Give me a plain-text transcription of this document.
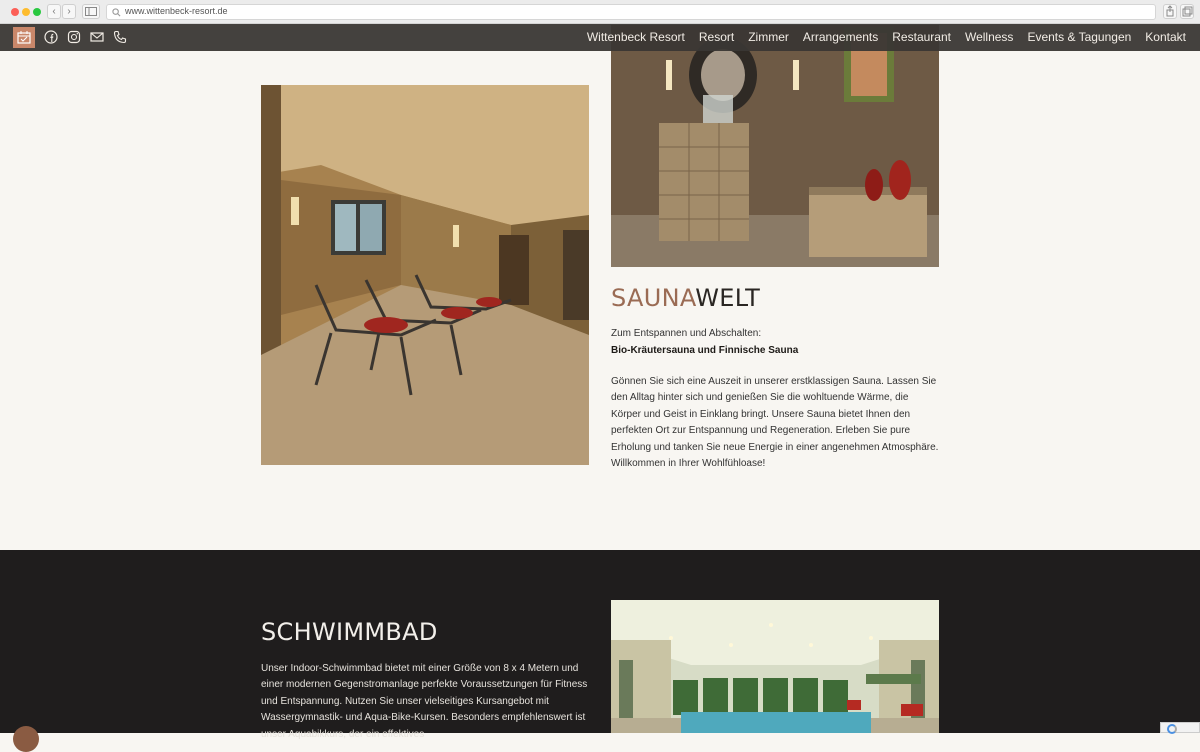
‹	›	www.wittenbeck-resort.de
Wittenbeck Resort Resort Zimmer Arrangements Restaurant Wellness Events & Tagungen Kontakt
SAUNAWELT

Zum Entspannen und Abschalten:

Bio-Kräutersauna und Finnische Sauna

Gönnen Sie sich eine Auszeit in unserer erstklassigen Sauna. Lassen Sie den Alltag hinter sich und genießen Sie die wohltuende Wärme, die Körper und Geist in Einklang bringt. Unsere Sauna bietet Ihnen den perfekten Ort zur Entspannung und Regeneration. Erleben Sie pure Erholung und tanken Sie neue Energie in einer angenehmen Atmosphäre. Willkommen in Ihrer Wohlfühloase!

SCHWIMMBAD

Unser Indoor-Schwimmbad bietet mit einer Größe von 8 x 4 Metern und einer modernen Gegenstromanlage perfekte Voraussetzungen für Fitness und Entspannung. Nutzen Sie unser vielseitiges Kursangebot mit Wassergymnastik- und Aqua-Bike-Kursen. Besonders empfehlenswert ist unser Aquabikkurs, der ein effektives
